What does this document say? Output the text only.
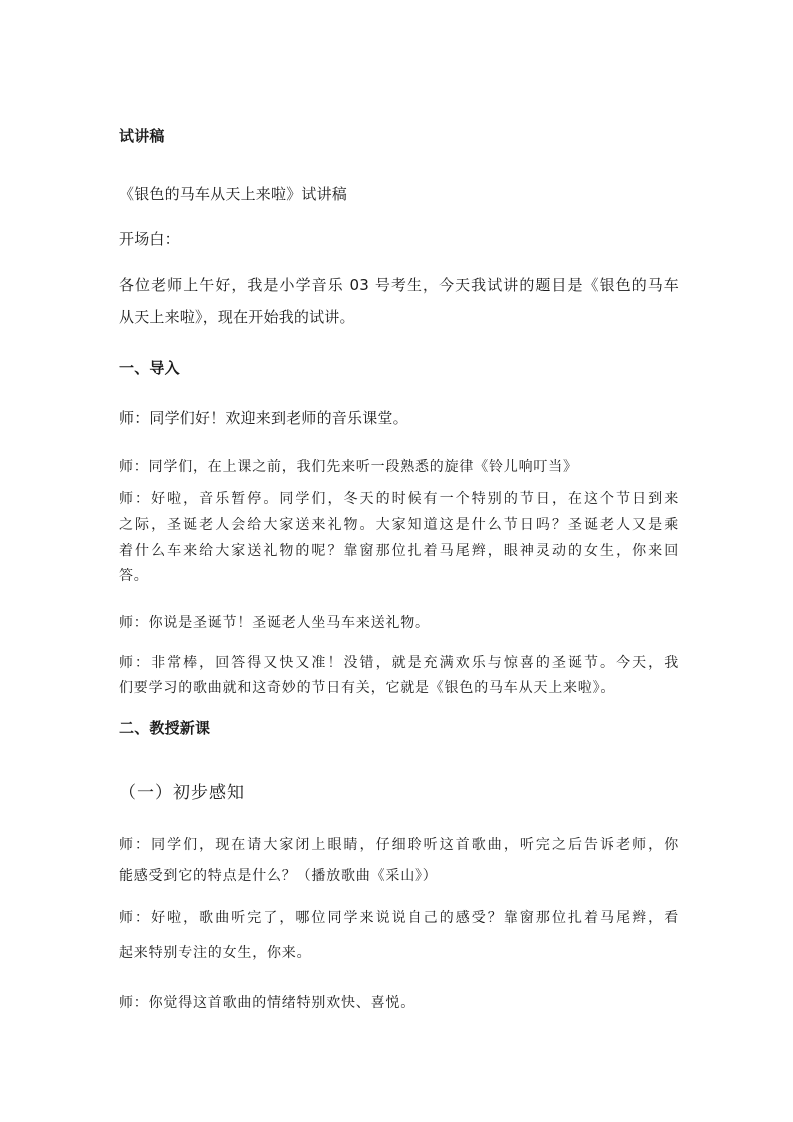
试讲稿
《银色的马车从天上来啦》试讲稿
开场白：
各位老师上午好，我是小学音乐 03 号考生，今天我试讲的题目是《银色的马车
从天上来啦》，现在开始我的试讲。
一、导入
师：同学们好！欢迎来到老师的音乐课堂。
师：同学们，在上课之前，我们先来听一段熟悉的旋律《铃儿响叮当》
师：好啦，音乐暂停。同学们，冬天的时候有一个特别的节日，在这个节日到来
之际，圣诞老人会给大家送来礼物。大家知道这是什么节日吗？圣诞老人又是乘
着什么车来给大家送礼物的呢？靠窗那位扎着马尾辫，眼神灵动的女生，你来回
答。
师：你说是圣诞节！圣诞老人坐马车来送礼物。
师：非常棒，回答得又快又准！没错，就是充满欢乐与惊喜的圣诞节。今天，我
们要学习的歌曲就和这奇妙的节日有关，它就是《银色的马车从天上来啦》。
二、教授新课
（一）初步感知
师：同学们，现在请大家闭上眼睛，仔细聆听这首歌曲，听完之后告诉老师，你
能感受到它的特点是什么？（播放歌曲《采山》）
师：好啦，歌曲听完了，哪位同学来说说自己的感受？靠窗那位扎着马尾辫，看
起来特别专注的女生，你来。
师：你觉得这首歌曲的情绪特别欢快、喜悦。
